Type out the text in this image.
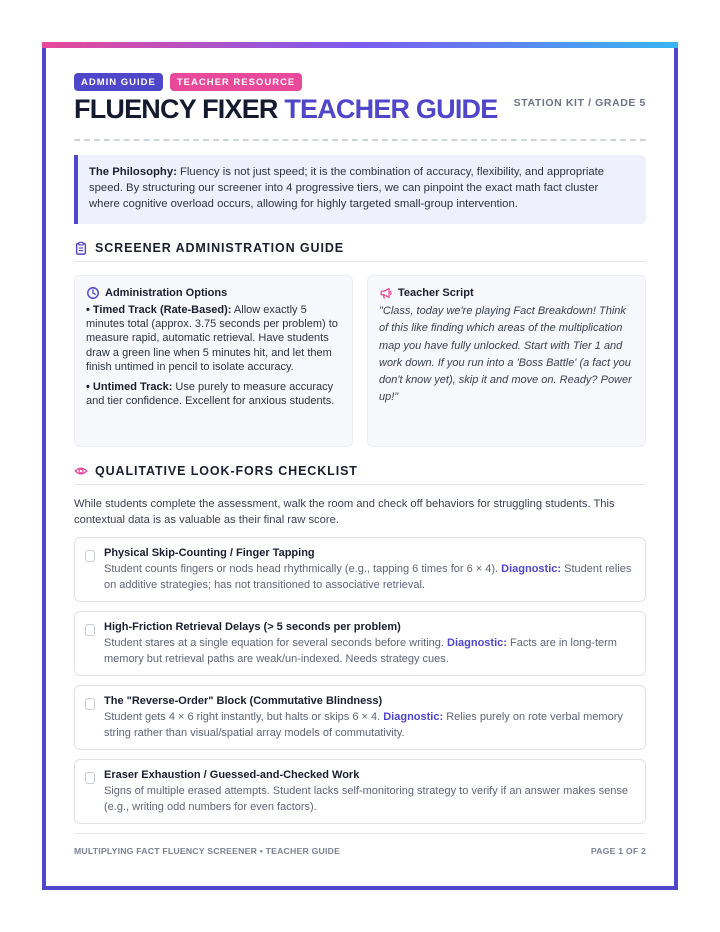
ADMIN GUIDE	TEACHER RESOURCE
FLUENCY FIXER TEACHER GUIDE STATION KIT / GRADE 5
The Philosophy: Fluency is not just speed; it is the combination of accuracy, flexibility, and appropriate speed. By structuring our screener into 4 progressive tiers, we can pinpoint the exact math fact cluster where cognitive overload occurs, allowing for highly targeted small-group intervention.
SCREENER ADMINISTRATION GUIDE
Administration Options
• Timed Track (Rate-Based): Allow exactly 5 minutes total (approx. 3.75 seconds per problem) to measure rapid, automatic retrieval. Have students draw a green line when 5 minutes hit, and let them finish untimed in pencil to isolate accuracy.
• Untimed Track: Use purely to measure accuracy and tier confidence. Excellent for anxious students.
Teacher Script
"Class, today we're playing Fact Breakdown! Think of this like finding which areas of the multiplication map you have fully unlocked. Start with Tier 1 and work down. If you run into a 'Boss Battle' (a fact you don't know yet), skip it and move on. Ready? Power up!"
QUALITATIVE LOOK-FORS CHECKLIST
While students complete the assessment, walk the room and check off behaviors for struggling students. This contextual data is as valuable as their final raw score.
Physical Skip-Counting / Finger Tapping
Student counts fingers or nods head rhythmically (e.g., tapping 6 times for 6 × 4). Diagnostic: Student relies on additive strategies; has not transitioned to associative retrieval.
High-Friction Retrieval Delays (> 5 seconds per problem)
Student stares at a single equation for several seconds before writing. Diagnostic: Facts are in long-term memory but retrieval paths are weak/un-indexed. Needs strategy cues.
The "Reverse-Order" Block (Commutative Blindness)
Student gets 4 × 6 right instantly, but halts or skips 6 × 4. Diagnostic: Relies purely on rote verbal memory string rather than visual/spatial array models of commutativity.
Eraser Exhaustion / Guessed-and-Checked Work
Signs of multiple erased attempts. Student lacks self-monitoring strategy to verify if an answer makes sense (e.g., writing odd numbers for even factors).
MULTIPLYING FACT FLUENCY SCREENER • TEACHER GUIDE	PAGE 1 OF 2
